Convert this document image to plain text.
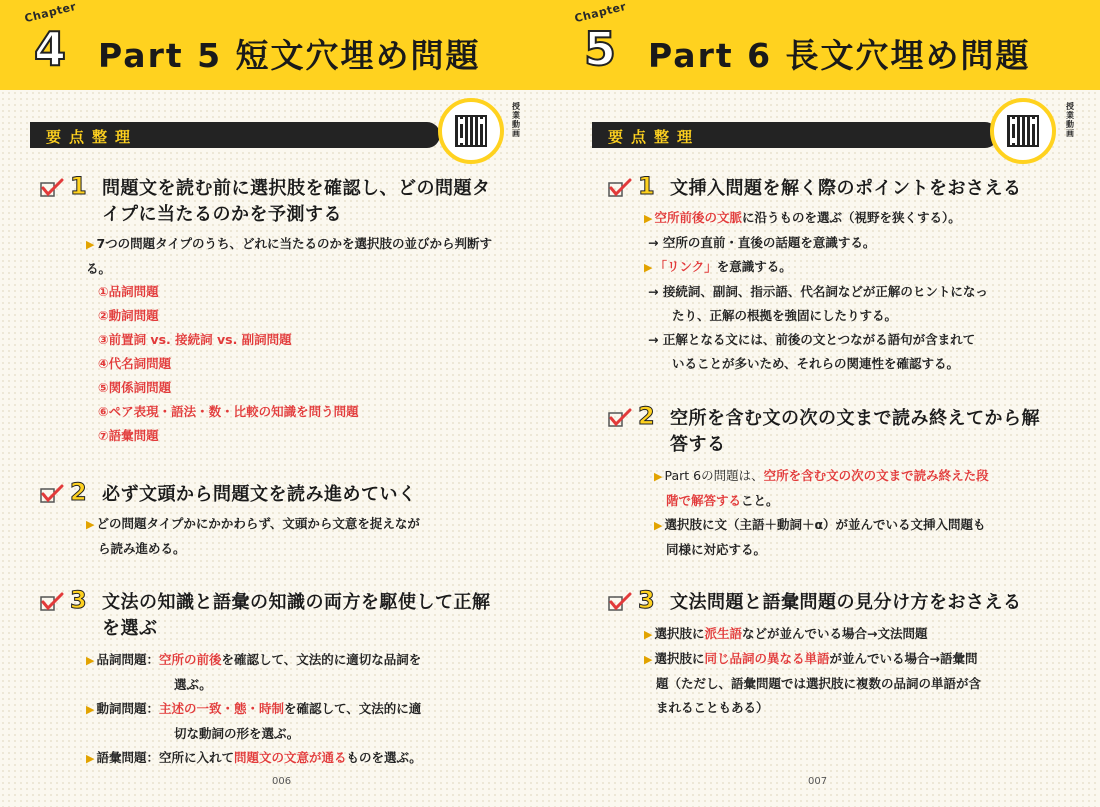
Chapter
4 Part 5 短文穴埋め問題
要点整理
授業動画
1 問題文を読む前に選択肢を確認し、どの問題タイプに当たるのかを予測する
▶ 7つの問題タイプのうち、どれに当たるのかを選択肢の並びから判断する。
①品詞問題
②動詞問題
③前置詞 vs. 接続詞 vs. 副詞問題
④代名詞問題
⑤関係詞問題
⑥ペア表現・語法・数・比較の知識を問う問題
⑦語彙問題
2 必ず文頭から問題文を読み進めていく
▶ どの問題タイプかにかかわらず、文頭から文意を捉えなが
ら読み進める。
3 文法の知識と語彙の知識の両方を駆使して正解を選ぶ
▶ 品詞問題：空所の前後を確認して、文法的に適切な品詞を
選ぶ。
▶ 動詞問題：主述の一致・態・時制を確認して、文法的に適
切な動詞の形を選ぶ。
▶ 語彙問題：空所に入れて問題文の文意が通るものを選ぶ。
006
Chapter
5 Part 6 長文穴埋め問題
要点整理
授業動画
1 文挿入問題を解く際のポイントをおさえる
▶ 空所前後の文脈に沿うものを選ぶ（視野を狭くする）。
→ 空所の直前・直後の話題を意識する。
▶ 「リンク」を意識する。
→ 接続詞、副詞、指示語、代名詞などが正解のヒントになっ
たり、正解の根拠を強固にしたりする。
→ 正解となる文には、前後の文とつながる語句が含まれて
いることが多いため、それらの関連性を確認する。
2 空所を含む文の次の文まで読み終えてから解答する
▶ Part 6の問題は、空所を含む文の次の文まで読み終えた段
階で解答すること。
▶ 選択肢に文（主語＋動詞＋α）が並んでいる文挿入問題も
同様に対応する。
3 文法問題と語彙問題の見分け方をおさえる
▶ 選択肢に派生語などが並んでいる場合→文法問題
▶ 選択肢に同じ品詞の異なる単語が並んでいる場合→語彙問
題（ただし、語彙問題では選択肢に複数の品詞の単語が含
まれることもある）
007
